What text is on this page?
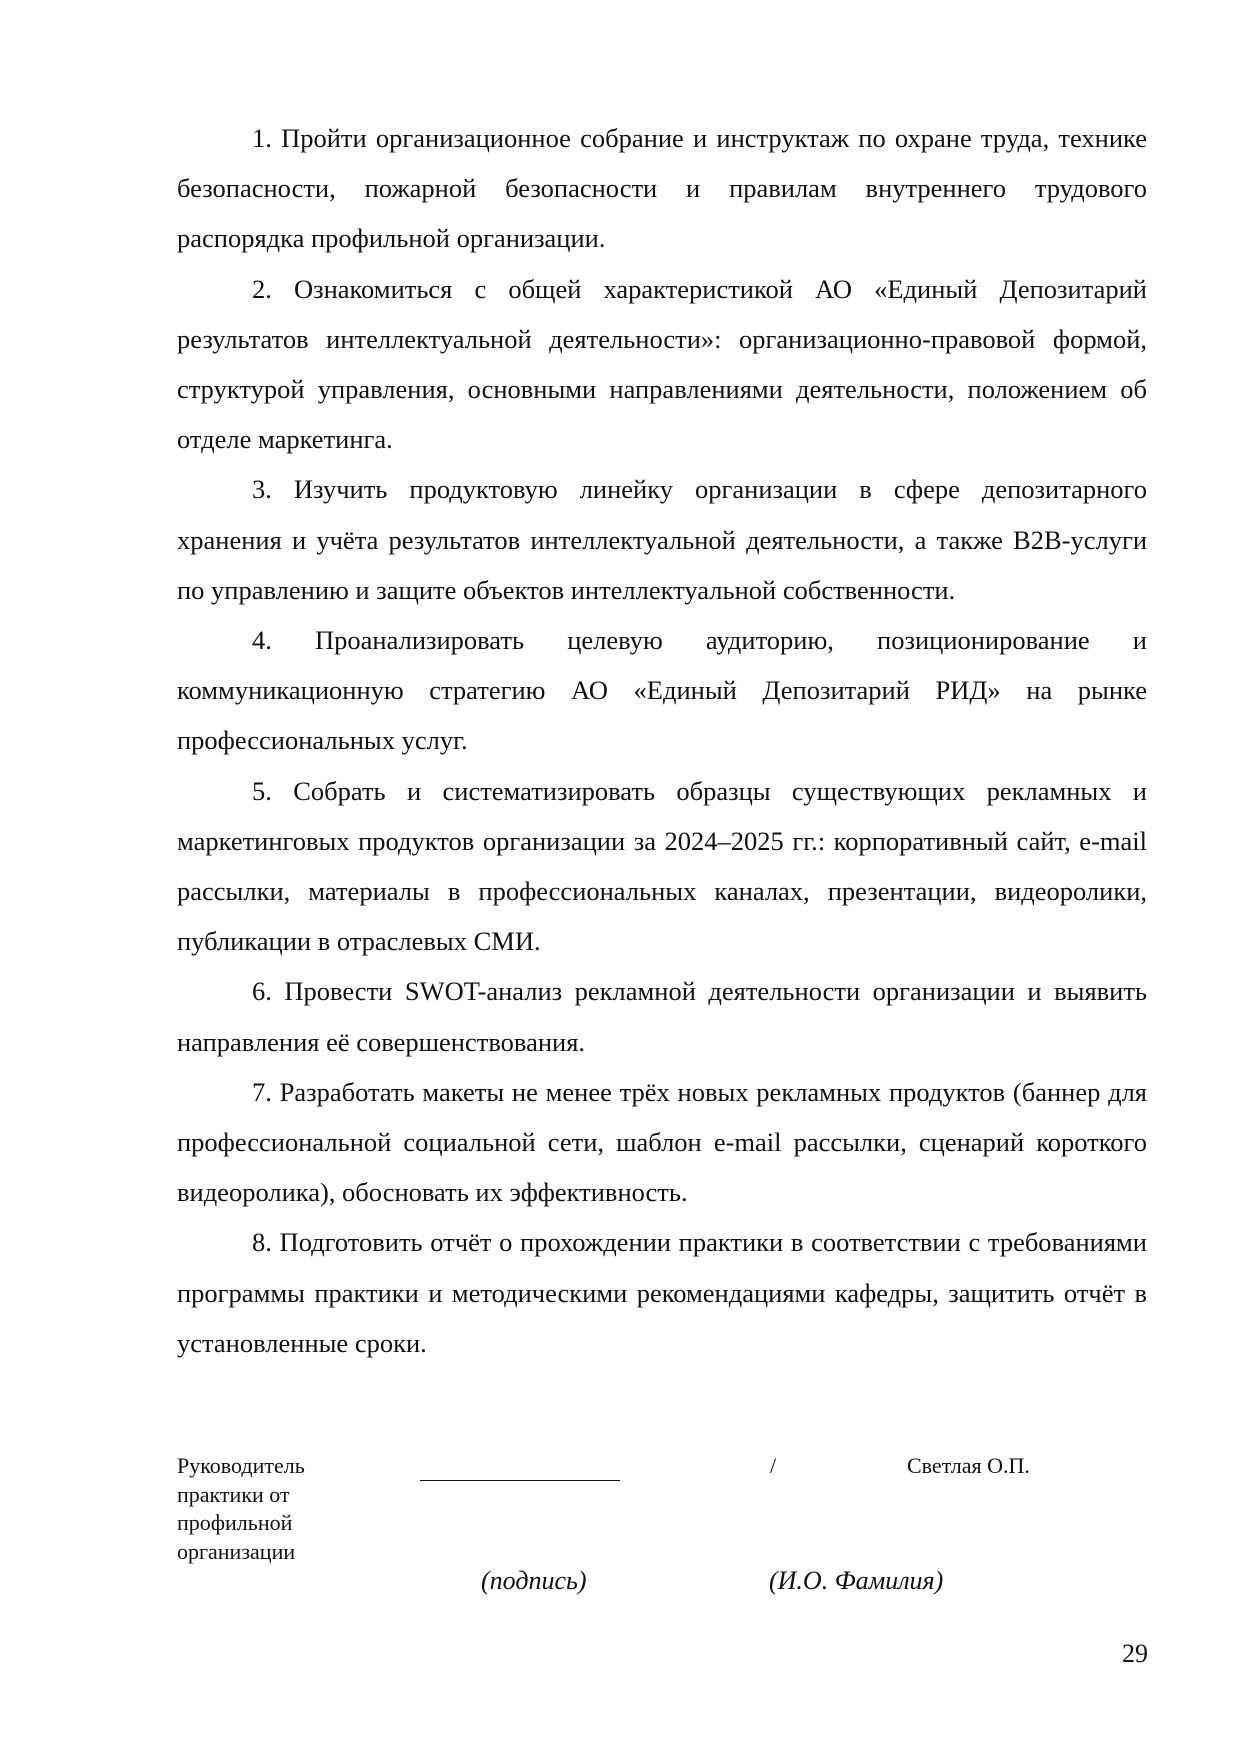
1. Пройти организационное собрание и инструктаж по охране труда, технике безопасности, пожарной безопасности и правилам внутреннего трудового распорядка профильной организации.

2. Ознакомиться с общей характеристикой АО «Единый Депозитарий результатов интеллектуальной деятельности»: организационно-правовой формой, структурой управления, основными направлениями деятельности, положением об отделе маркетинга.

3. Изучить продуктовую линейку организации в сфере депозитарного хранения и учёта результатов интеллектуальной деятельности, а также B2B-услуги по управлению и защите объектов интеллектуальной собственности.

4. Проанализировать целевую аудиторию, позиционирование и коммуникационную стратегию АО «Единый Депозитарий РИД» на рынке профессиональных услуг.

5. Собрать и систематизировать образцы существующих рекламных и маркетинговых продуктов организации за 2024–2025 гг.: корпоративный сайт, e-mail рассылки, материалы в профессиональных каналах, презентации, видеоролики, публикации в отраслевых СМИ.

6. Провести SWOT-анализ рекламной деятельности организации и выявить направления её совершенствования.

7. Разработать макеты не менее трёх новых рекламных продуктов (баннер для профессиональной социальной сети, шаблон e-mail рассылки, сценарий короткого видеоролика), обосновать их эффективность.

8. Подготовить отчёт о прохождении практики в соответствии с требованиями программы практики и методическими рекомендациями кафедры, защитить отчёт в установленные сроки.

Руководитель
практики от
профильной
организации
/	Светлая О.П.
(подпись)	(И.О. Фамилия)
29
